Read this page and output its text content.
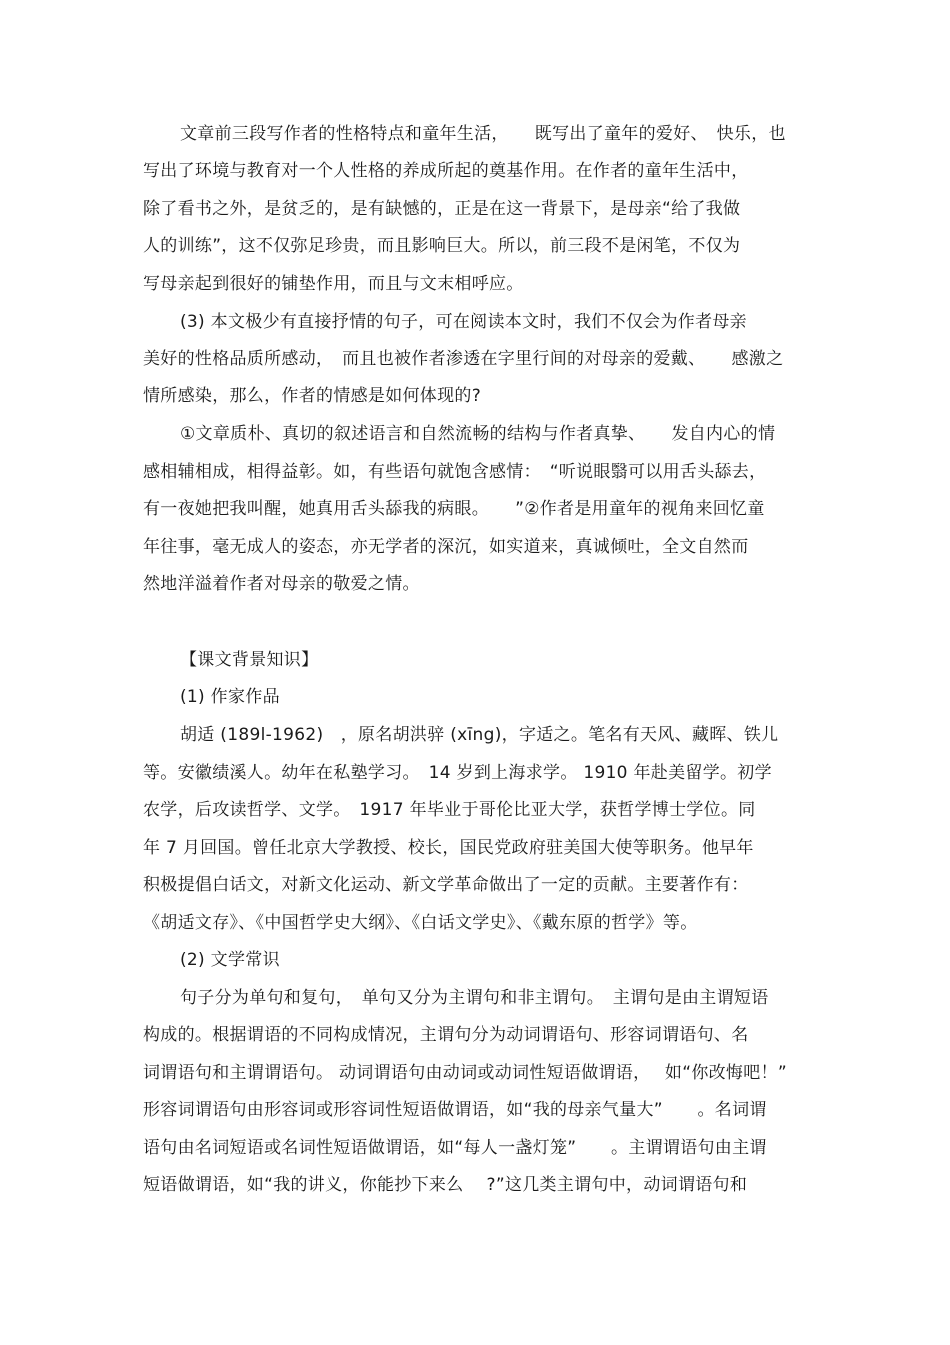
文章前三段写作者的性格特点和童年生活，　　既写出了童年的爱好、　快乐，也
写出了环境与教育对一个人性格的养成所起的奠基作用。在作者的童年生活中，
除了看书之外，是贫乏的，是有缺憾的，正是在这一背景下，是母亲“给了我做
人的训练”，这不仅弥足珍贵，而且影响巨大。所以，前三段不是闲笔，不仅为
写母亲起到很好的铺垫作用，而且与文末相呼应。
(3) 本文极少有直接抒情的句子，可在阅读本文时，我们不仅会为作者母亲
美好的性格品质所感动，　而且也被作者渗透在字里行间的对母亲的爱戴、　　感激之
情所感染，那么，作者的情感是如何体现的?
①文章质朴、真切的叙述语言和自然流畅的结构与作者真挚、　　发自内心的情
感相辅相成，相得益彰。如，有些语句就饱含感情：　“听说眼翳可以用舌头舔去，
有一夜她把我叫醒，她真用舌头舔我的病眼。　　”②作者是用童年的视角来回忆童
年往事，毫无成人的姿态，亦无学者的深沉，如实道来，真诚倾吐，全文自然而
然地洋溢着作者对母亲的敬爱之情。
【课文背景知识】
(1) 作家作品
胡适 (189l-1962)　，原名胡洪骍 (xīng)，字适之。笔名有天风、藏晖、铁儿
等。安徽绩溪人。幼年在私塾学习。　14 岁到上海求学。 1910 年赴美留学。初学
农学，后攻读哲学、文学。　1917 年毕业于哥伦比亚大学，获哲学博士学位。同
年 7 月回国。曾任北京大学教授、校长，国民党政府驻美国大使等职务。他早年
积极提倡白话文，对新文化运动、新文学革命做出了一定的贡献。主要著作有：
《胡适文存》、《中国哲学史大纲》、《白话文学史》、《戴东原的哲学》等。
(2) 文学常识
句子分为单句和复句，　单句又分为主谓句和非主谓句。　主谓句是由主谓短语
构成的。根据谓语的不同构成情况，主谓句分为动词谓语句、形容词谓语句、名
词谓语句和主谓谓语句。 动词谓语句由动词或动词性短语做谓语，　 如“你改悔吧！”
形容词谓语句由形容词或形容词性短语做谓语，如“我的母亲气量大”　　。名词谓
语句由名词短语或名词性短语做谓语，如“每人一盏灯笼”　　。主谓谓语句由主谓
短语做谓语，如“我的讲义，你能抄下来么　 ?”这几类主谓句中，动词谓语句和
